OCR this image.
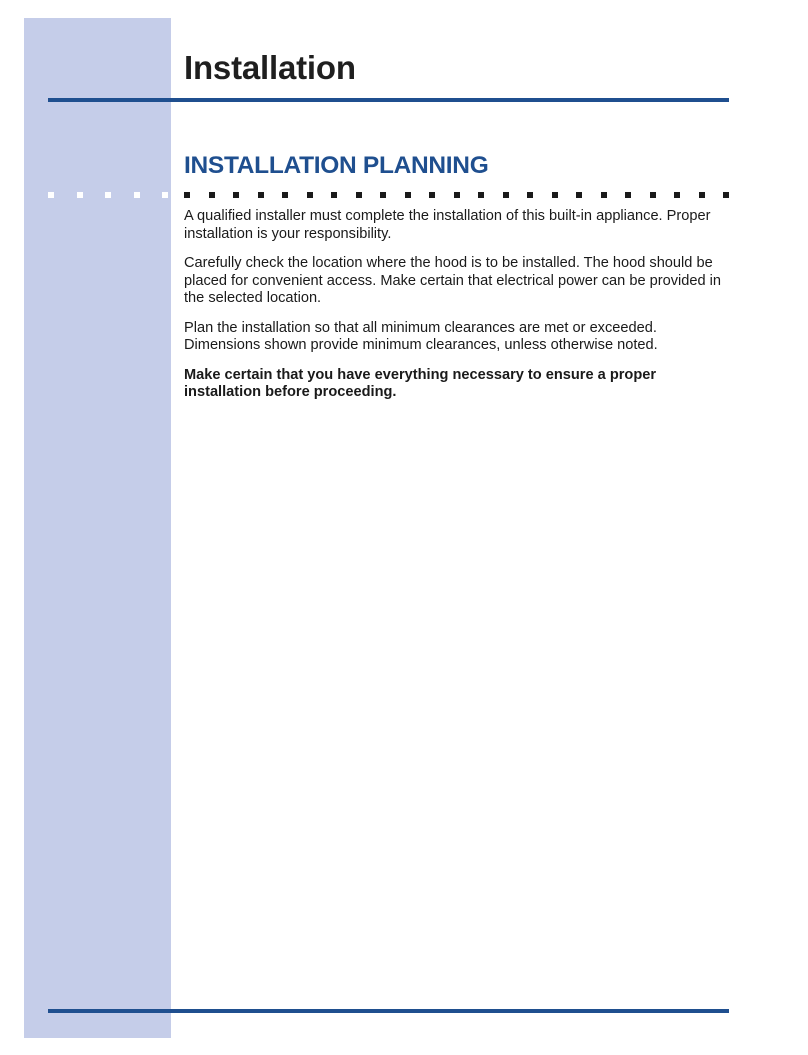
Installation
INSTALLATION PLANNING

A qualified installer must complete the installation of this built-in appliance. Proper installation is your responsibility.

Carefully check the location where the hood is to be installed. The hood should be placed for convenient access. Make certain that electrical power can be provided in the selected location.

Plan the installation so that all minimum clearances are met or exceeded. Dimensions shown provide minimum clearances, unless otherwise noted.

Make certain that you have everything necessary to ensure a proper installation before proceeding.
